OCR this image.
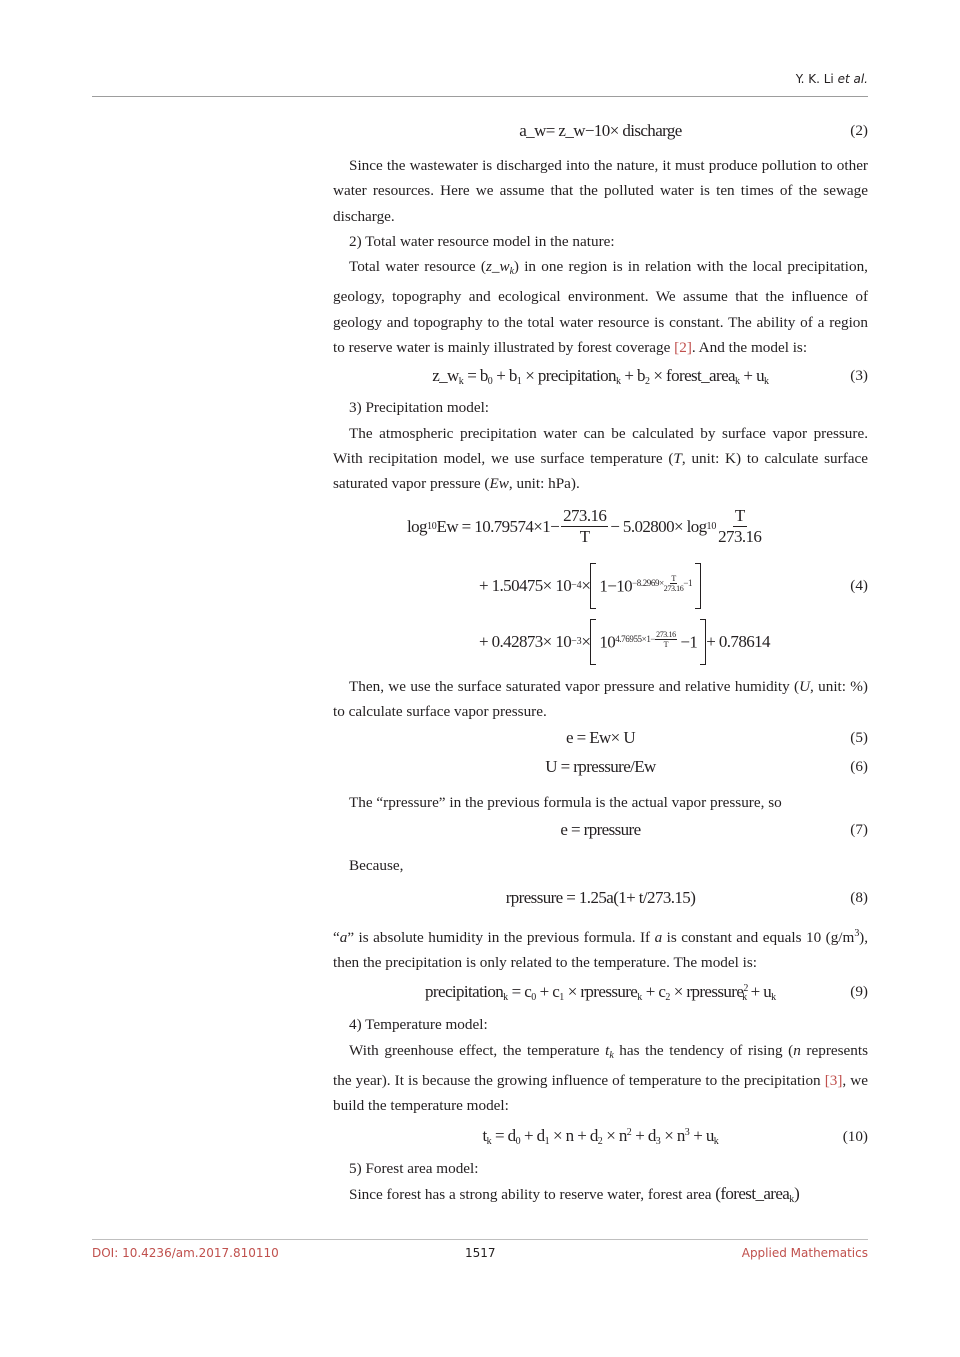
Y. K. Li et al.
a_w= z_w−10× discharge	(2)

Since the wastewater is discharged into the nature, it must produce pollution to other water resources. Here we assume that the polluted water is ten times of the sewage discharge.

2) Total water resource model in the nature:

Total water resource $(z\_w_k)$ in one region is in relation with the local precipitation, geology, topography and ecological environment. We assume that the influence of geology and topography to the total water resource is constant. The ability of a region to reserve water is mainly illustrated by forest coverage [2]. And the model is:

$z\_w_k = b_0 + b_1$ × precipitation$_k$ + $b_2$ × forest_area$_k$ + $u_k$	(3)

3) Precipitation model:

The atmospheric precipitation water can be calculated by surface vapor pressure. With recipitation model, we use surface temperature (T, unit: K) to calculate surface saturated vapor pressure (Ew, unit: hPa).

log 10 $Ew = 10.79574\times 1- \frac{273.16}{T} - 5.02800\times \log 10 \frac{T}{273.16}$
+ $1.50475\times 10 -4 \times 1-10^{-8.2969\times \frac{T}{273.16} -1}$	(4)
+ $0.42873\times 10 -3 \times 10^{4.76955\times 1- \frac{273.16}{T}} -1 + 0.78614$

Then, we use the surface saturated vapor pressure and relative humidity (U, unit: %) to calculate surface vapor pressure.

e = Ew× U	(5)
U = rpressure/Ew	(6)

The “rpressure” in the previous formula is the actual vapor pressure, so

e = rpressure	(7)

Because,

rpressure = 1.25a(1+ t/273.15)	(8)

“a” is absolute humidity in the previous formula. If a is constant and equals 10 $(g/m^3)$, then the precipitation is only related to the temperature. The model is:

precipitation$_k$ = $c_0 + c_1$ × rpressure$_k$ + $c_2$ × rpressure$^2_k$ + $u_k$	(9)

4) Temperature model:

With greenhouse effect, the temperature $t_k$ has the tendency of rising (n represents the year). It is because the growing influence of temperature to the precipitation [3], we build the temperature model:

$t_k = d_0 + d_1 \times n + d_2 \times n^2 + d_3 \times n^3 + u_k$	(10)

5) Forest area model:

Since forest has a strong ability to reserve water, forest area (forest_area$_k$)

DOI: 10.4236/am.2017.810110	1517	Applied Mathematics
